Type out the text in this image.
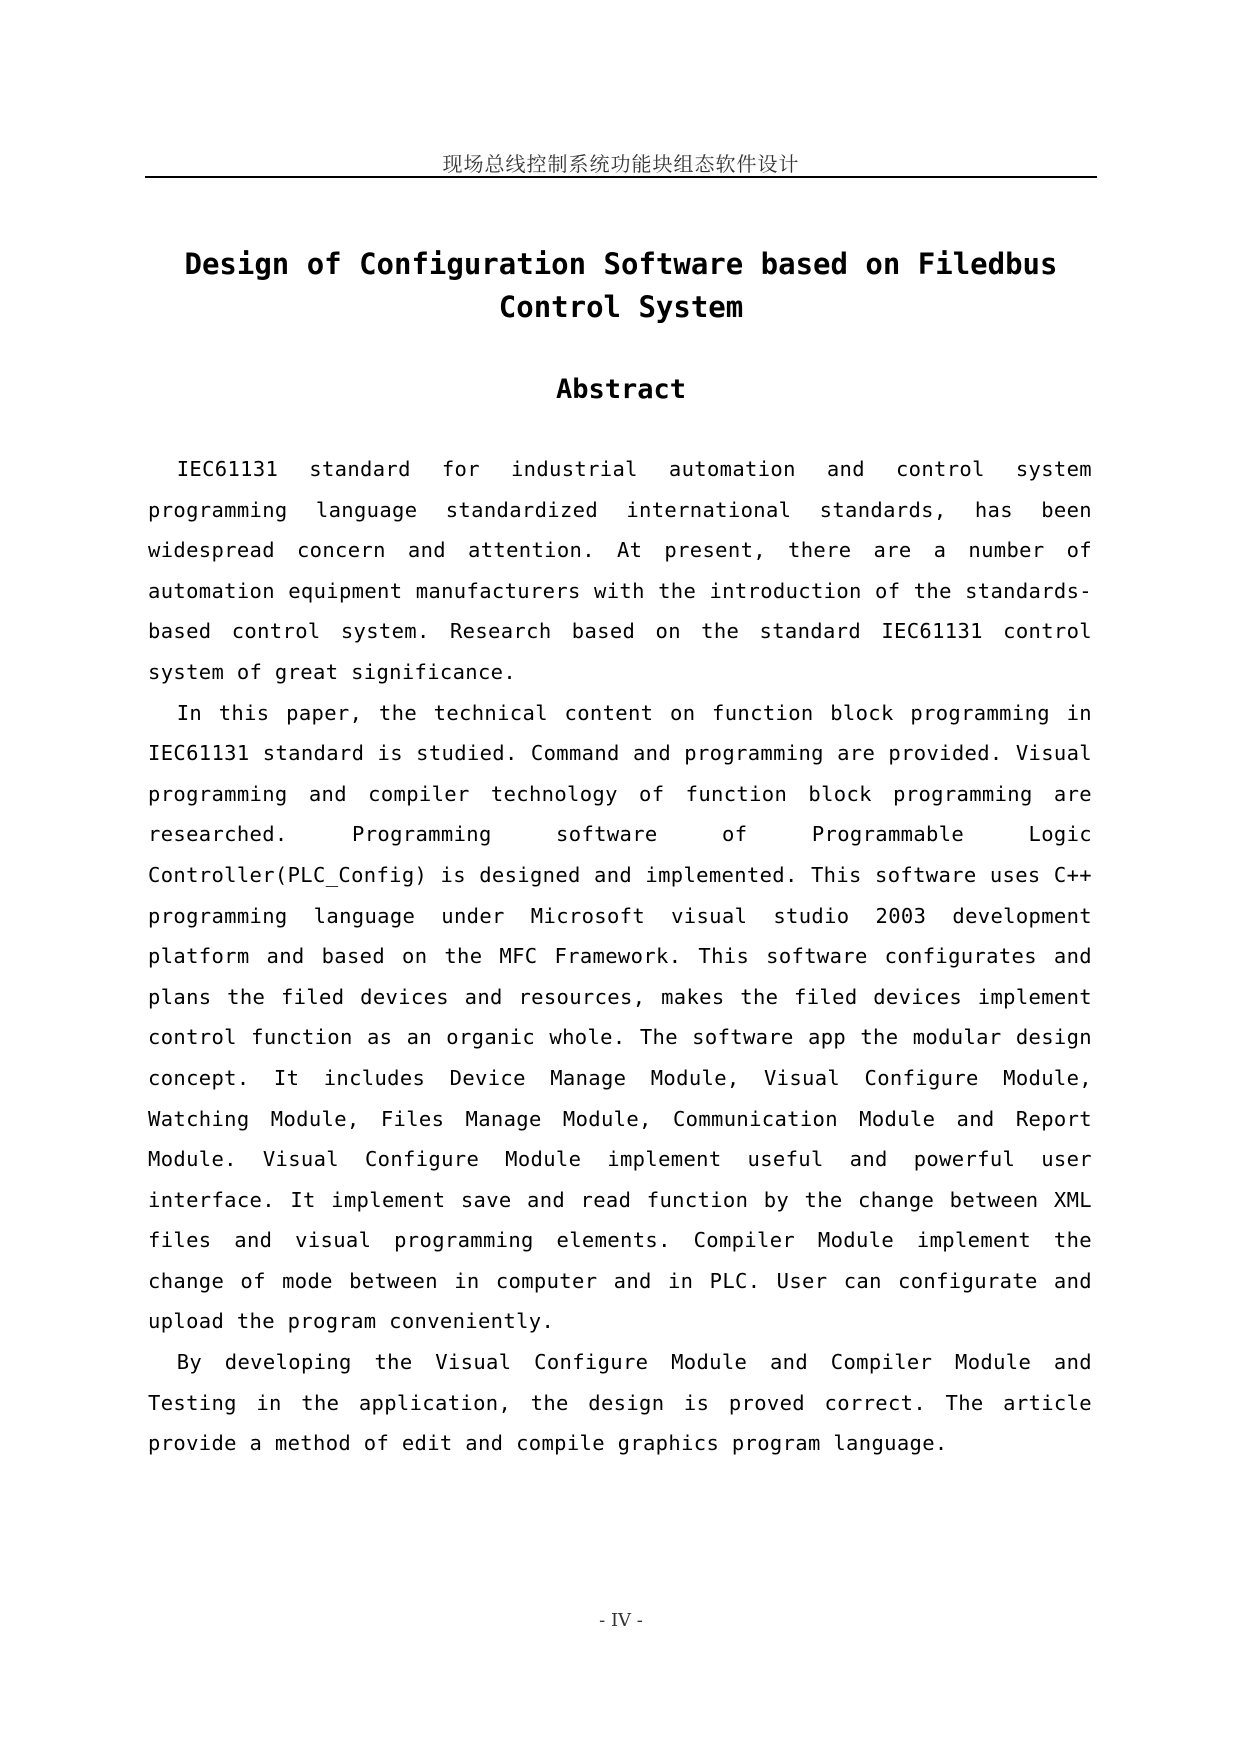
现场总线控制系统功能块组态软件设计
Design of Configuration Software based on Filedbus Control System
Abstract

IEC61131 standard for industrial automation and control system programming language standardized international standards, has been widespread concern and attention. At present, there are a number of automation equipment manufacturers with the introduction of the standards-based control system. Research based on the standard IEC61131 control system of great significance.

In this paper, the technical content on function block programming in IEC61131 standard is studied. Command and programming are provided. Visual programming and compiler technology of function block programming are researched. Programming software of Programmable Logic Controller(PLC_Config) is designed and implemented. This software uses C++ programming language under Microsoft visual studio 2003 development platform and based on the MFC Framework. This software configurates and plans the filed devices and resources, makes the filed devices implement control function as an organic whole. The software app the modular design concept. It includes Device Manage Module, Visual Configure Module, Watching Module, Files Manage Module, Communication Module and Report Module. Visual Configure Module implement useful and powerful user interface. It implement save and read function by the change between XML files and visual programming elements. Compiler Module implement the change of mode between in computer and in PLC. User can configurate and upload the program conveniently.

By developing the Visual Configure Module and Compiler Module and Testing in the application, the design is proved correct. The article provide a method of edit and compile graphics program language.

- IV -
